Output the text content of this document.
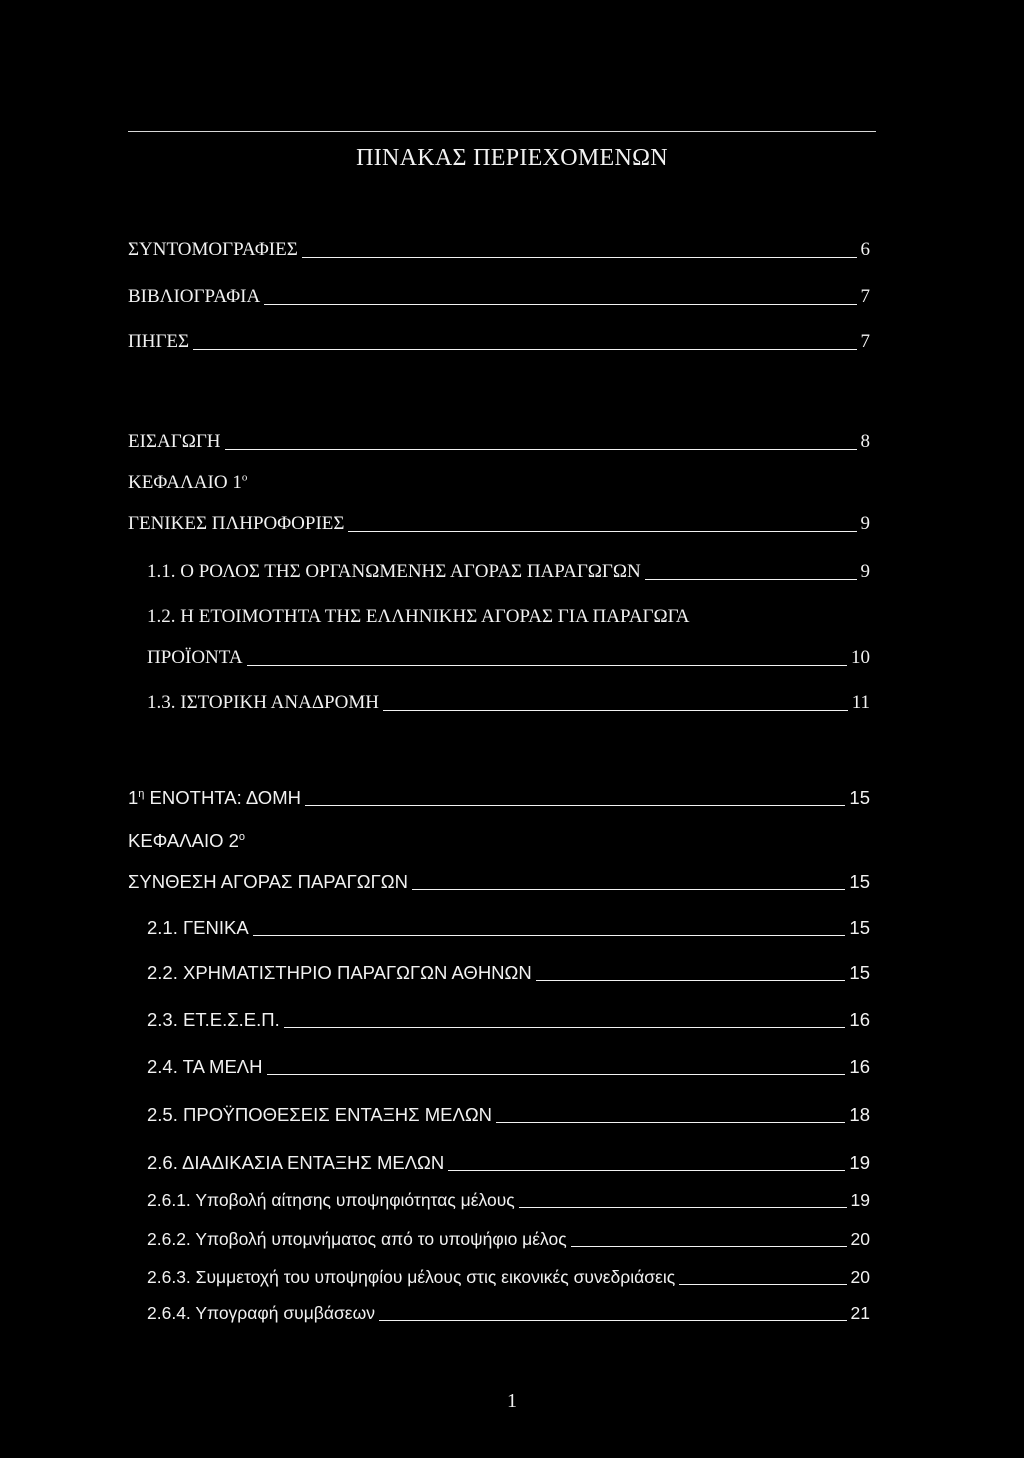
ΠΙΝΑΚΑΣ ΠΕΡΙΕΧΟΜΕΝΩΝ
ΣΥΝΤΟΜΟΓΡΑΦΙΕΣ	6
ΒΙΒΛΙΟΓΡΑΦΙΑ	7
ΠΗΓΕΣ	7
ΕΙΣΑΓΩΓΗ	8
ΚΕΦΑΛΑΙΟ $1^o$
ΓΕΝΙΚΕΣ ΠΛΗΡΟΦΟΡΙΕΣ	9
1.1. Ο ΡΟΛΟΣ ΤΗΣ ΟΡΓΑΝΩΜΕΝΗΣ ΑΓΟΡΑΣ ΠΑΡΑΓΩΓΩΝ	9
1.2. Η ΕΤΟΙΜΟΤΗΤΑ ΤΗΣ ΕΛΛΗΝΙΚΗΣ ΑΓΟΡΑΣ ΓΙΑ ΠΑΡΑΓΩΓΑ
ΠΡΟΪΟΝΤΑ	10
1.3. ΙΣΤΟΡΙΚΗ ΑΝΑΔΡΟΜΗ	11
$1^\eta$ ΕΝΟΤΗΤΑ: ΔΟΜΗ	15
ΚΕΦΑΛΑΙΟ $2^o$
ΣΥΝΘΕΣΗ ΑΓΟΡΑΣ ΠΑΡΑΓΩΓΩΝ	15
2.1. ΓΕΝΙΚΑ	15
2.2. ΧΡΗΜΑΤΙΣΤΗΡΙΟ ΠΑΡΑΓΩΓΩΝ ΑΘΗΝΩΝ	15
2.3. ΕΤ.Ε.Σ.Ε.Π.	16
2.4. ΤΑ ΜΕΛΗ	16
2.5. ΠΡΟΫΠΟΘΕΣΕΙΣ ΕΝΤΑΞΗΣ ΜΕΛΩΝ	18
2.6. ΔΙΑΔΙΚΑΣΙΑ ΕΝΤΑΞΗΣ ΜΕΛΩΝ	19
2.6.1. Υποβολή αίτησης υποψηφιότητας μέλους	19
2.6.2. Υποβολή υπομνήματος από το υποψήφιο μέλος	20
2.6.3. Συμμετοχή του υποψηφίου μέλους στις εικονικές συνεδριάσεις	20
2.6.4. Υπογραφή συμβάσεων	21
1
